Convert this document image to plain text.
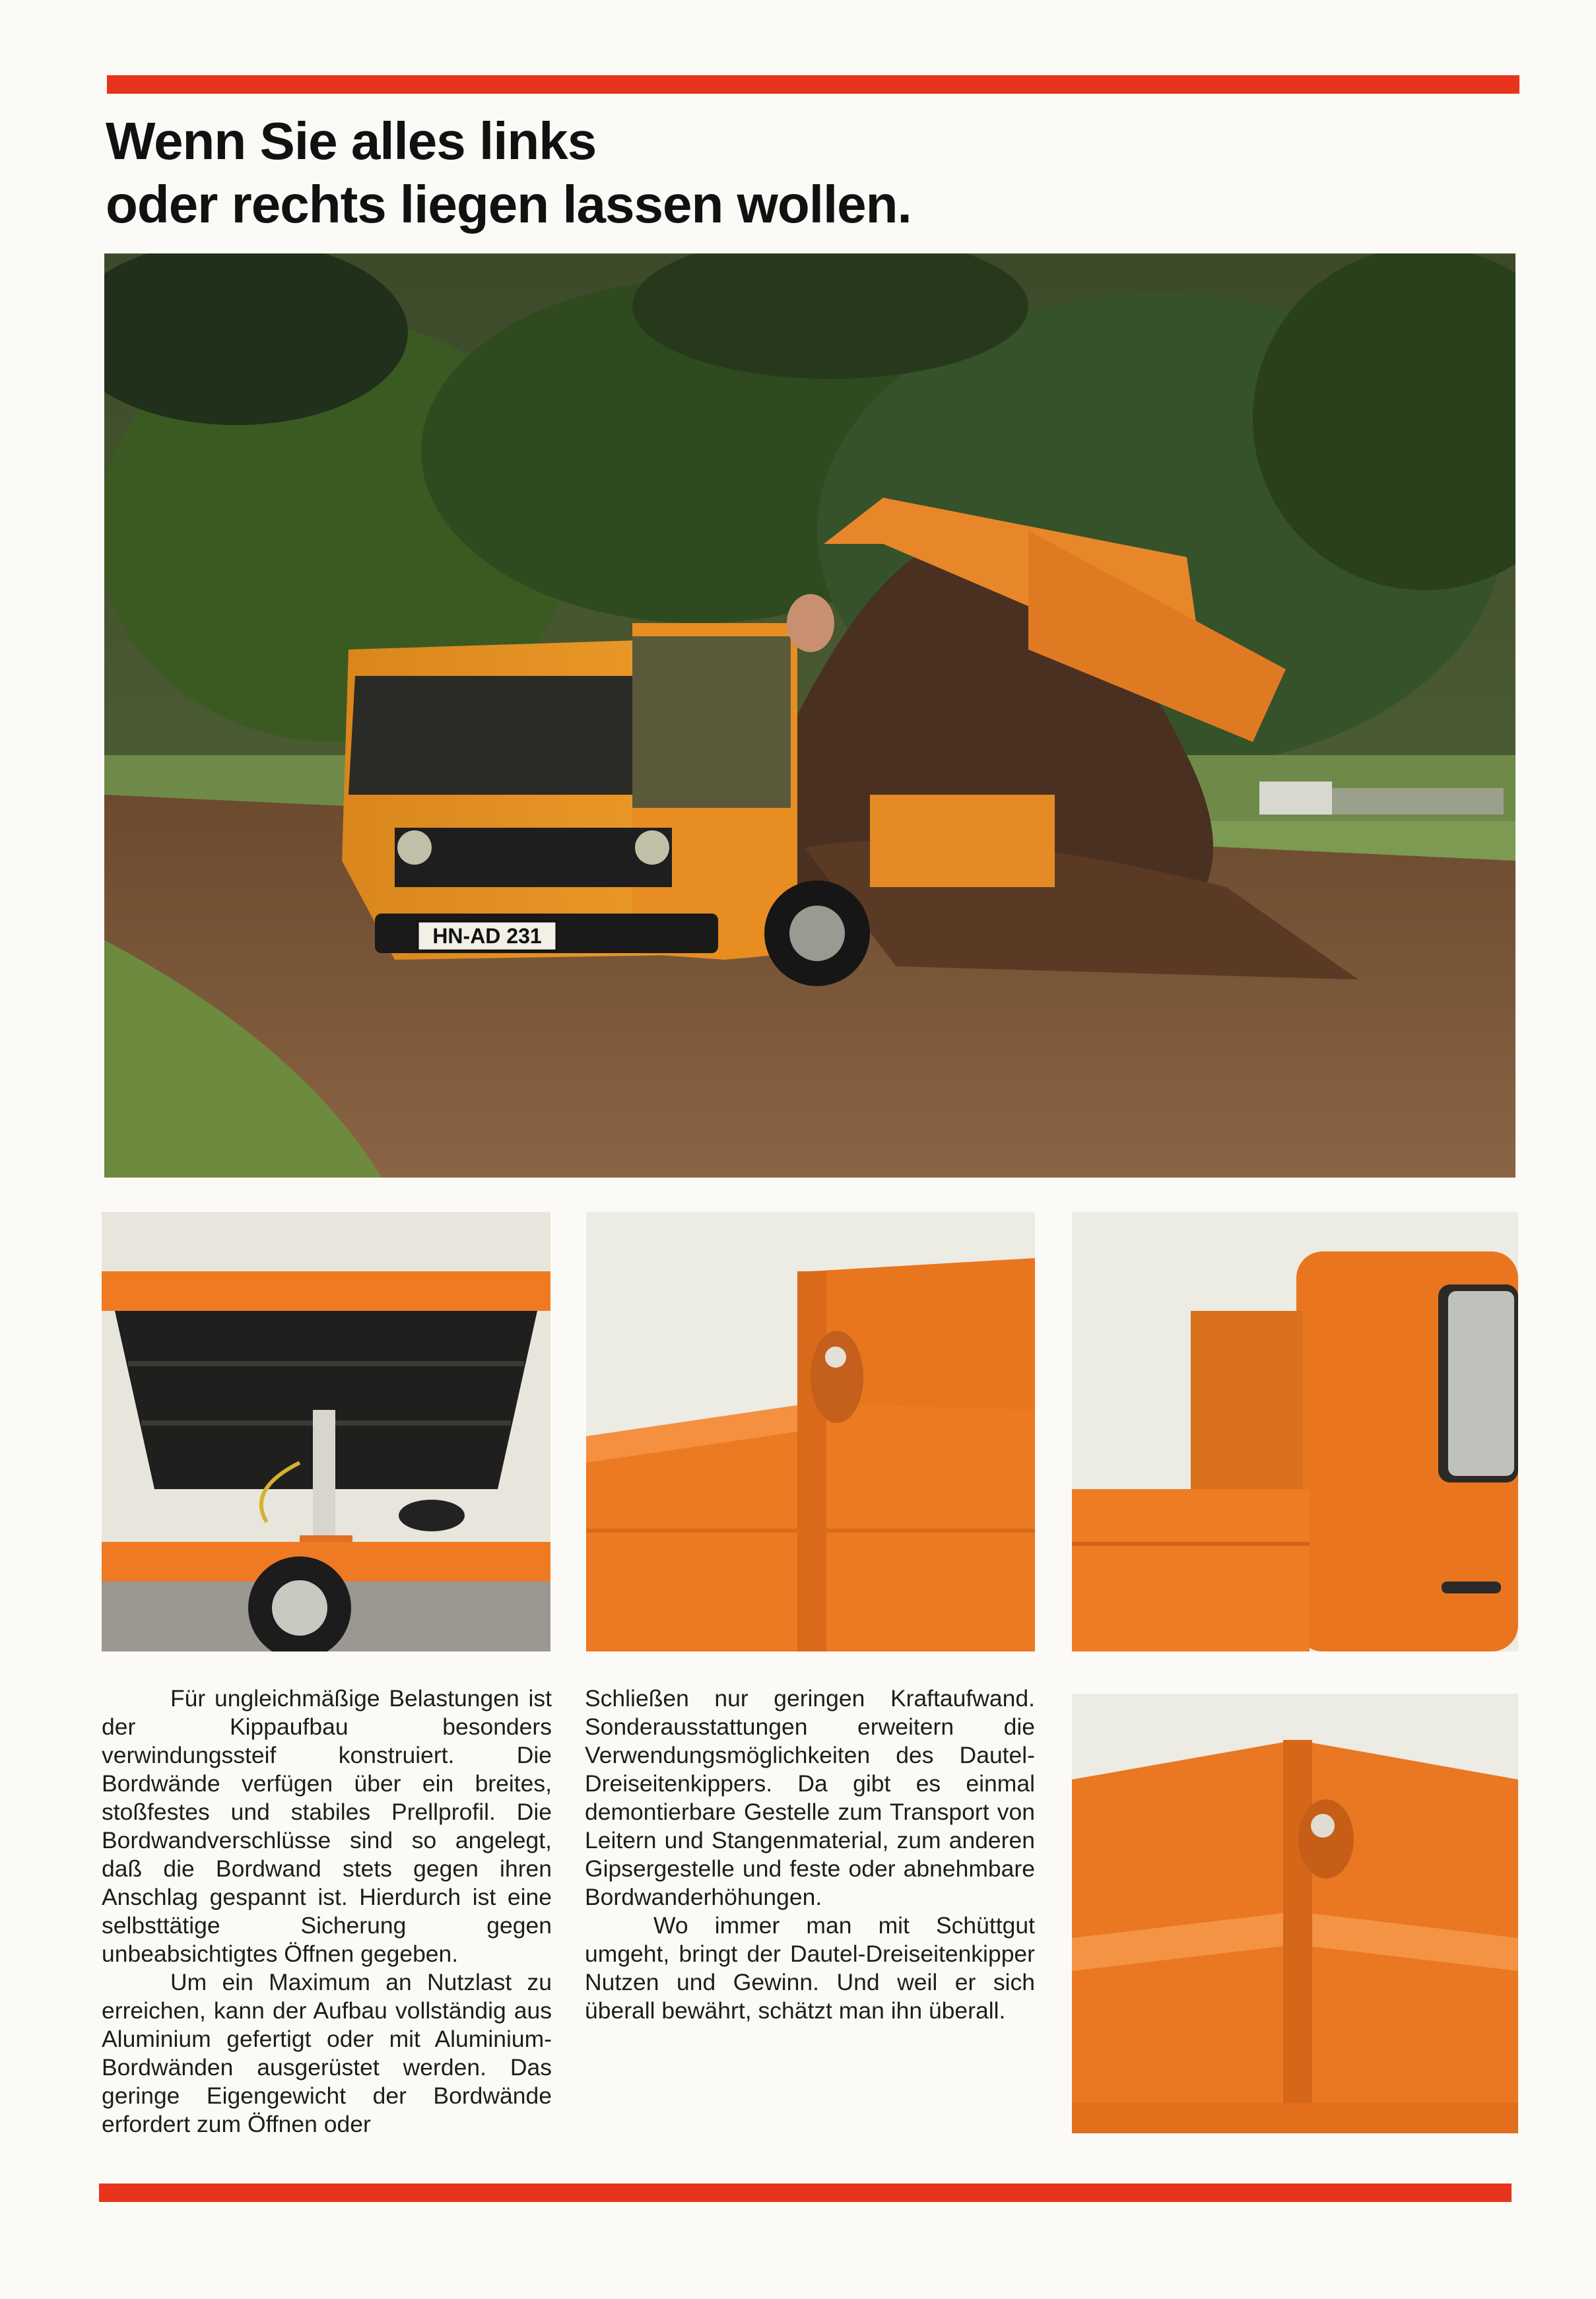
Wenn Sie alles links
oder rechts liegen lassen wollen.
HN-AD 231

Für ungleichmäßige Belastungen ist der Kippaufbau besonders verwindungssteif konstruiert. Die Bordwände verfügen über ein breites, stoßfestes und stabiles Prellprofil. Die Bordwandverschlüsse sind so angelegt, daß die Bordwand stets gegen ihren Anschlag gespannt ist. Hierdurch ist eine selbsttätige Sicherung gegen unbeabsichtigtes Öffnen gegeben.

Um ein Maximum an Nutzlast zu erreichen, kann der Aufbau vollständig aus Aluminium gefertigt oder mit Aluminium-Bordwänden ausgerüstet werden. Das geringe Eigengewicht der Bordwände erfordert zum Öffnen oder

Schließen nur geringen Kraftaufwand. Sonderausstattungen erweitern die Verwendungsmöglichkeiten des Dautel-Dreiseitenkippers. Da gibt es einmal demontierbare Gestelle zum Transport von Leitern und Stangenmaterial, zum anderen Gipsergestelle und feste oder abnehmbare Bordwanderhöhungen.

Wo immer man mit Schüttgut umgeht, bringt der Dautel-Dreiseitenkipper Nutzen und Gewinn. Und weil er sich überall bewährt, schätzt man ihn überall.
